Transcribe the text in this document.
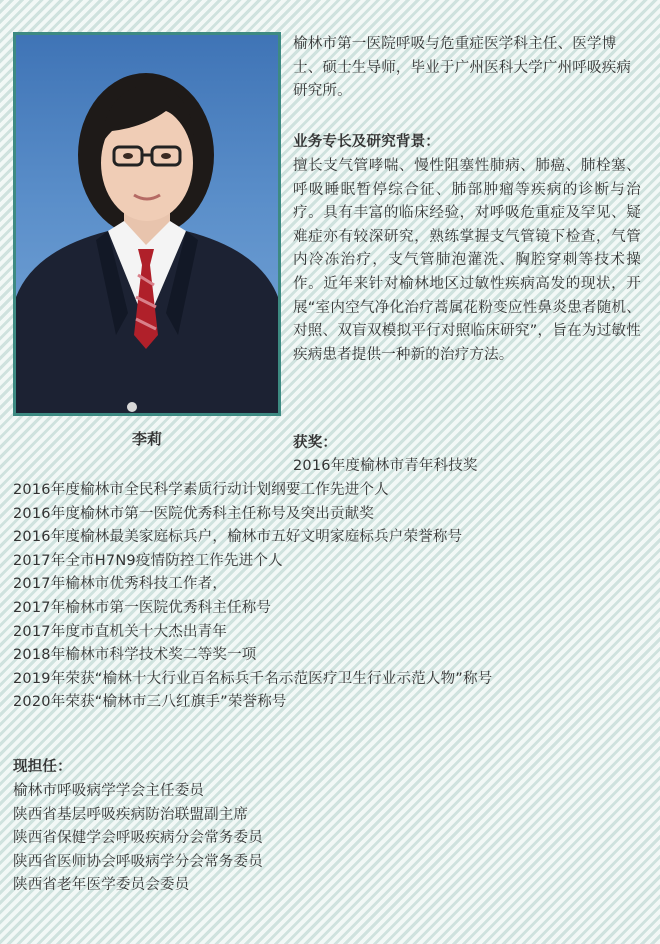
李莉
榆林市第一医院呼吸与危重症医学科主任、医学博士、硕士生导师，毕业于广州医科大学广州呼吸疾病研究所。
业务专长及研究背景：
擅长支气管哮喘、慢性阻塞性肺病、肺癌、肺栓塞、呼吸睡眠暂停综合征、肺部肿瘤等疾病的诊断与治疗。具有丰富的临床经验，对呼吸危重症及罕见、疑难症亦有较深研究，熟练掌握支气管镜下检查，气管内冷冻治疗，支气管肺泡灌洗、胸腔穿刺等技术操作。近年来针对榆林地区过敏性疾病高发的现状，开展“室内空气净化治疗蒿属花粉变应性鼻炎患者随机、对照、双盲双模拟平行对照临床研究”，旨在为过敏性疾病患者提供一种新的治疗方法。
获奖：
2016年度榆林市青年科技奖
2016年度榆林市全民科学素质行动计划纲要工作先进个人
2016年度榆林市第一医院优秀科主任称号及突出贡献奖
2016年度榆林最美家庭标兵户，榆林市五好文明家庭标兵户荣誉称号
2017年全市H7N9疫情防控工作先进个人
2017年榆林市优秀科技工作者，
2017年榆林市第一医院优秀科主任称号
2017年度市直机关十大杰出青年
2018年榆林市科学技术奖二等奖一项
2019年荣获“榆林十大行业百名标兵千名示范医疗卫生行业示范人物”称号
2020年荣获“榆林市三八红旗手”荣誉称号
现担任：
榆林市呼吸病学学会主任委员
陕西省基层呼吸疾病防治联盟副主席
陕西省保健学会呼吸疾病分会常务委员
陕西省医师协会呼吸病学分会常务委员
陕西省老年医学委员会委员
